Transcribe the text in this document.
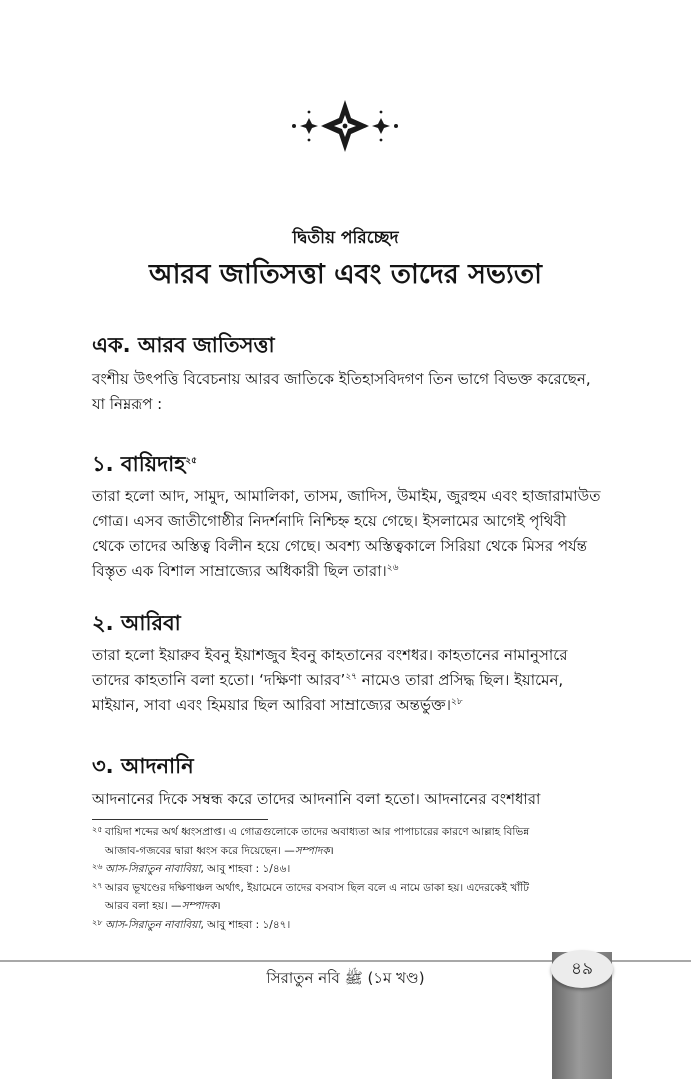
দ্বিতীয় পরিচ্ছেদ
আরব জাতিসত্তা এবং তাদের সভ্যতা
এক. আরব জাতিসত্তা
বংশীয় উৎপত্তি বিবেচনায় আরব জাতিকে ইতিহাসবিদগণ তিন ভাগে বিভক্ত করেছেন,
যা নিম্নরূপ :
১. বায়িদাহ$^{২৫}$
তারা হলো আদ, সামুদ, আমালিকা, তাসম, জাদিস, উমাইম, জুরহুম এবং হাজারামাউত
গোত্র। এসব জাতীগোষ্ঠীর নিদর্শনাদি নিশ্চিহ্ন হয়ে গেছে। ইসলামের আগেই পৃথিবী
থেকে তাদের অস্তিত্ব বিলীন হয়ে গেছে। অবশ্য অস্তিত্বকালে সিরিয়া থেকে মিসর পর্যন্ত
বিস্তৃত এক বিশাল সাম্রাজ্যের অধিকারী ছিল তারা।$^{২৬}$
২. আরিবা
তারা হলো ইয়ারুব ইবনু ইয়াশজুব ইবনু কাহতানের বংশধর। কাহতানের নামানুসারে
তাদের কাহতানি বলা হতো। ‘দক্ষিণা আরব’$^{২৭}$ নামেও তারা প্রসিদ্ধ ছিল। ইয়ামেন,
মাইয়ান, সাবা এবং হিময়ার ছিল আরিবা সাম্রাজ্যের অন্তর্ভুক্ত।$^{২৮}$
৩. আদনানি
আদনানের দিকে সম্বন্ধ করে তাদের আদনানি বলা হতো। আদনানের বংশধারা
২৫ বায়িদা শব্দের অর্থ ধ্বংসপ্রাপ্ত। এ গোত্রগুলোকে তাদের অবাধ্যতা আর পাপাচারের কারণে আল্লাহ বিভিন্ন
আজাব-গজবের দ্বারা ধ্বংস করে দিয়েছেন। —সম্পাদক।
২৬ আস-সিরাতুন নাবাবিয়া, আবু শাহবা : ১/৪৬।
২৭ আরব ভূখণ্ডের দক্ষিণাঞ্চল অর্থাৎ, ইয়ামেনে তাদের বসবাস ছিল বলে এ নামে ডাকা হয়। এদেরকেই খাঁটি
আরব বলা হয়। —সম্পাদক।
২৮ আস-সিরাতুন নাবাবিয়া, আবু শাহবা : ১/৪৭।
সিরাতুন নবি ﷺ (১ম খণ্ড)	৪৯
